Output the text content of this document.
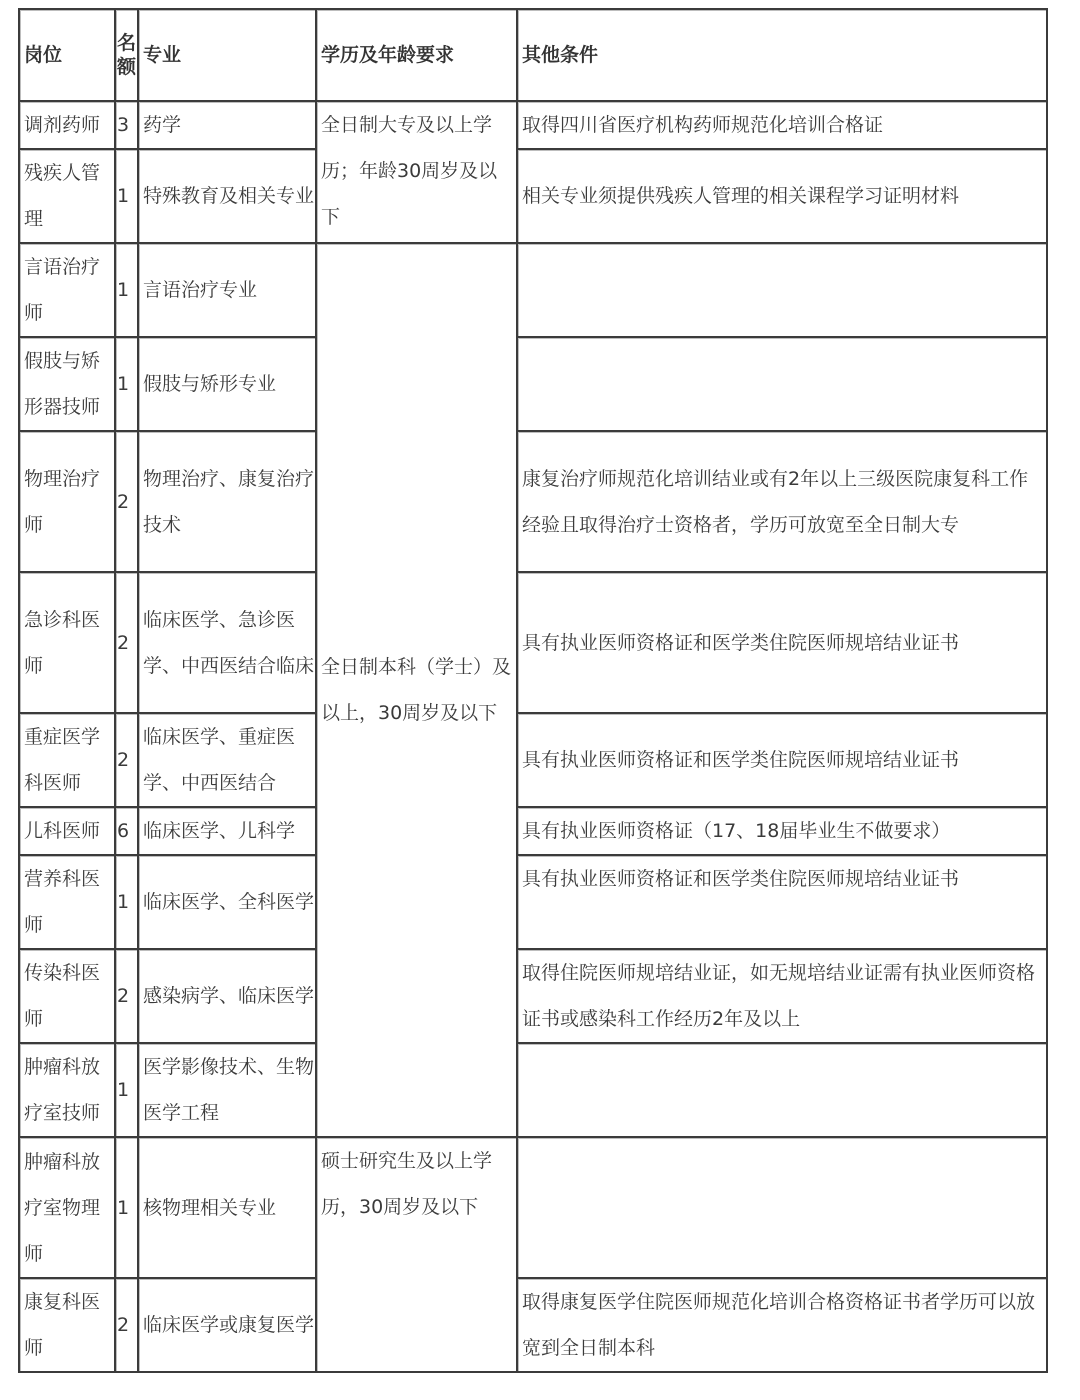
岗位	名额	专业	学历及年龄要求	其他条件
调剂药师	3	药学	全日制大专及以上学历；年龄30周岁及以下	取得四川省医疗机构药师规范化培训合格证
残疾人管理	1	特殊教育及相关专业		相关专业须提供残疾人管理的相关课程学习证明材料
言语治疗师	1	言语治疗专业	全日制本科（学士）及以上，30周岁及以下	
假肢与矫形器技师	1	假肢与矫形专业		
物理治疗师	2	物理治疗、康复治疗技术		康复治疗师规范化培训结业或有2年以上三级医院康复科工作经验且取得治疗士资格者，学历可放宽至全日制大专
急诊科医师	2	临床医学、急诊医学、中西医结合临床		具有执业医师资格证和医学类住院医师规培结业证书
重症医学科医师	2	临床医学、重症医学、中西医结合		具有执业医师资格证和医学类住院医师规培结业证书
儿科医师	6	临床医学、儿科学		具有执业医师资格证（17、18届毕业生不做要求）
营养科医师	1	临床医学、全科医学		具有执业医师资格证和医学类住院医师规培结业证书
传染科医师	2	感染病学、临床医学		取得住院医师规培结业证，如无规培结业证需有执业医师资格证书或感染科工作经历2年及以上
肿瘤科放疗室技师	1	医学影像技术、生物医学工程		
肿瘤科放疗室物理师	1	核物理相关专业	硕士研究生及以上学历，30周岁及以下	
康复科医师	2	临床医学或康复医学		取得康复医学住院医师规范化培训合格资格证书者学历可以放宽到全日制本科
